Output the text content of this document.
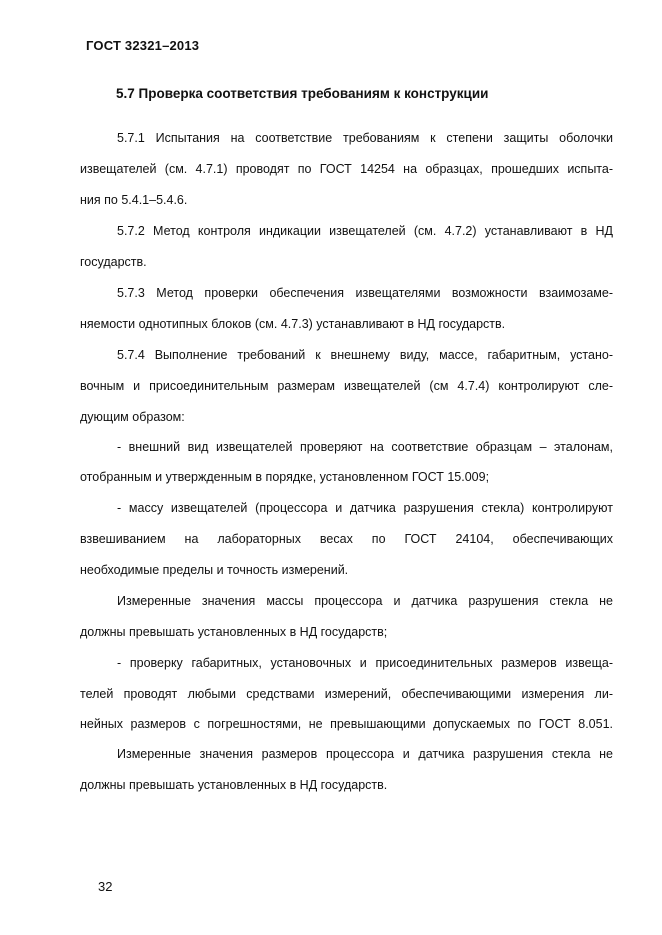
ГОСТ 32321–2013
5.7 Проверка соответствия требованиям к конструкции
5.7.1 Испытания на соответствие требованиям к степени защиты оболочки
извещателей (см. 4.7.1) проводят по ГОСТ 14254 на образцах, прошедших испыта-
ния по 5.4.1–5.4.6.
5.7.2 Метод контроля индикации извещателей (см. 4.7.2) устанавливают в НД
государств.
5.7.3 Метод проверки обеспечения извещателями возможности взаимозаме-
няемости однотипных блоков (см. 4.7.3) устанавливают в НД государств.
5.7.4 Выполнение требований к внешнему виду, массе, габаритным, устано-
вочным и присоединительным размерам извещателей (см 4.7.4) контролируют сле-
дующим образом:
- внешний вид извещателей проверяют на соответствие образцам – эталонам,
отобранным и утвержденным в порядке, установленном ГОСТ 15.009;
- массу извещателей (процессора и датчика разрушения стекла) контролируют
взвешиванием на лабораторных весах по ГОСТ 24104, обеспечивающих
необходимые пределы и точность измерений.
Измеренные значения массы процессора и датчика разрушения стекла не
должны превышать установленных в НД государств;
- проверку габаритных, установочных и присоединительных размеров извеща-
телей проводят любыми средствами измерений, обеспечивающими измерения ли-
нейных размеров с погрешностями, не превышающими допускаемых по ГОСТ 8.051.
Измеренные значения размеров процессора и датчика разрушения стекла не
должны превышать установленных в НД государств.
32
